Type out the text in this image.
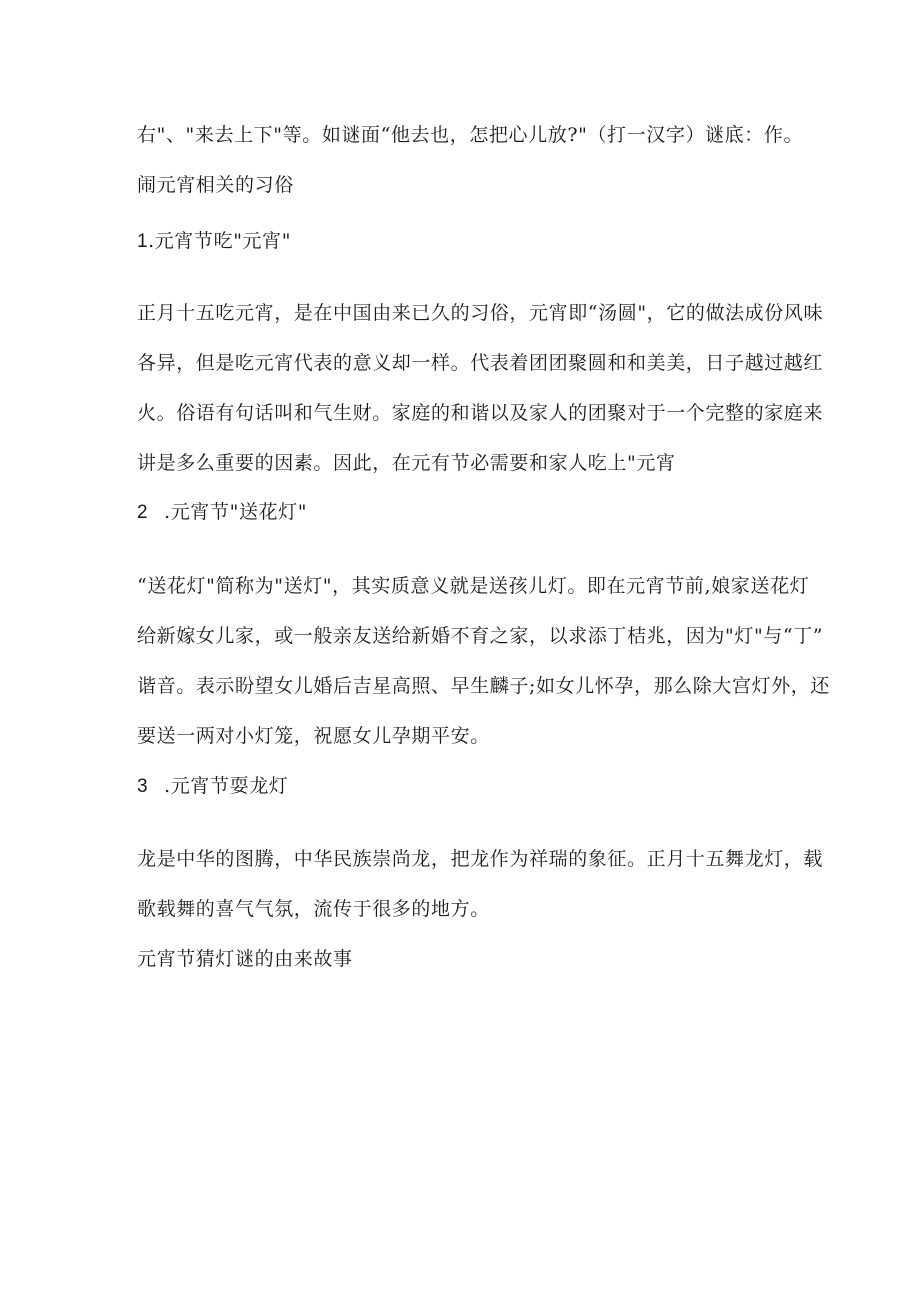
右"、"来去上下"等。如谜面“他去也，怎把心儿放?"（打一汉字）谜底：作。
闹元宵相关的习俗
1.元宵节吃"元宵"
正月十五吃元宵，是在中国由来已久的习俗，元宵即“汤圆"，它的做法成份风味
各异，但是吃元宵代表的意义却一样。代表着团团聚圆和和美美，日子越过越红
火。俗语有句话叫和气生财。家庭的和谐以及家人的团聚对于一个完整的家庭来
讲是多么重要的因素。因此，在元有节必需要和家人吃上"元宵
2 .元宵节"送花灯"
“送花灯"简称为"送灯"，其实质意义就是送孩儿灯。即在元宵节前,娘家送花灯
给新嫁女儿家，或一般亲友送给新婚不育之家，以求添丁桔兆，因为"灯"与“丁”
谐音。表示盼望女儿婚后吉星高照、早生麟子;如女儿怀孕，那么除大宫灯外，还
要送一两对小灯笼，祝愿女儿孕期平安。
3 .元宵节耍龙灯
龙是中华的图腾，中华民族崇尚龙，把龙作为祥瑞的象征。正月十五舞龙灯，载
歌载舞的喜气气氛，流传于很多的地方。
元宵节猜灯谜的由来故事
